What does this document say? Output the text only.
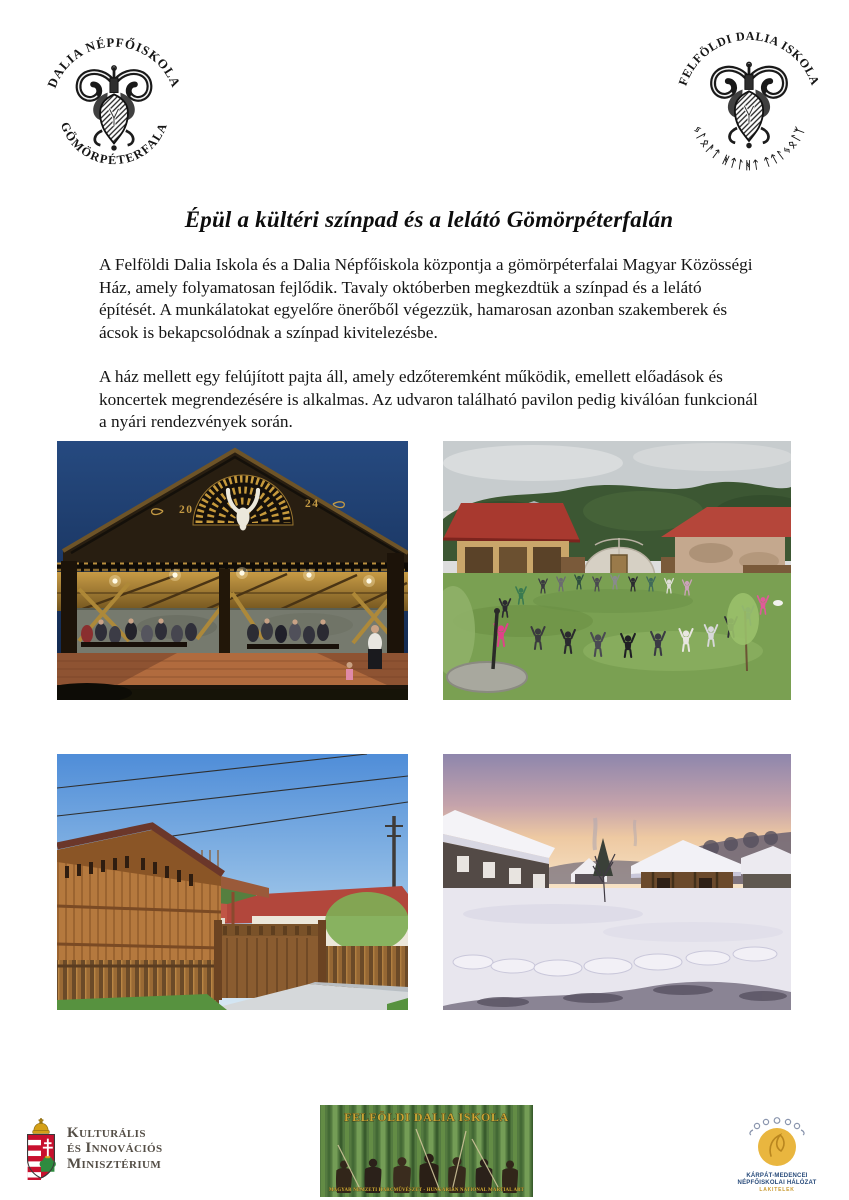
DALIA NÉPFŐISKOLA
GÖMÖRPÉTERFALA
FELFÖLDI DALIA ISKOLA
ᛃᛚᛟᚨᛏ ᚻᛏᛚᚻᛏ ᛏᛏᛚᛃᛟᛚᛉ
Épül a kültéri színpad és a lelátó Gömörpéterfalán

A Felföldi Dalia Iskola és a Dalia Népfőiskola központja a gömörpéterfalai Magyar Közösségi Ház, amely folyamatosan fejlődik. Tavaly októberben megkezdtük a színpad és a lelátó építését. A munkálatokat egyelőre önerőből végezzük, hamarosan azonban szakemberek és ácsok is bekapcsolódnak a színpad kivitelezésbe.

A ház mellett egy felújított pajta áll, amely edzőteremként működik, emellett előadások és koncertek megrendezésére is alkalmas. Az udvaron található pavilon pedig kiválóan funkcionál a nyári rendezvények során.

20	24
Kulturális
és Innovációs
Minisztérium
FELFÖLDI DALIA ISKOLA
MAGYAR NEMZETI HARCMŰVÉSZET - HUNGARIAN NATIONAL MARTIAL ART
KÁRPÁT-MEDENCEI
NÉPFŐISKOLAI HÁLÓZAT
LAKITELEK
